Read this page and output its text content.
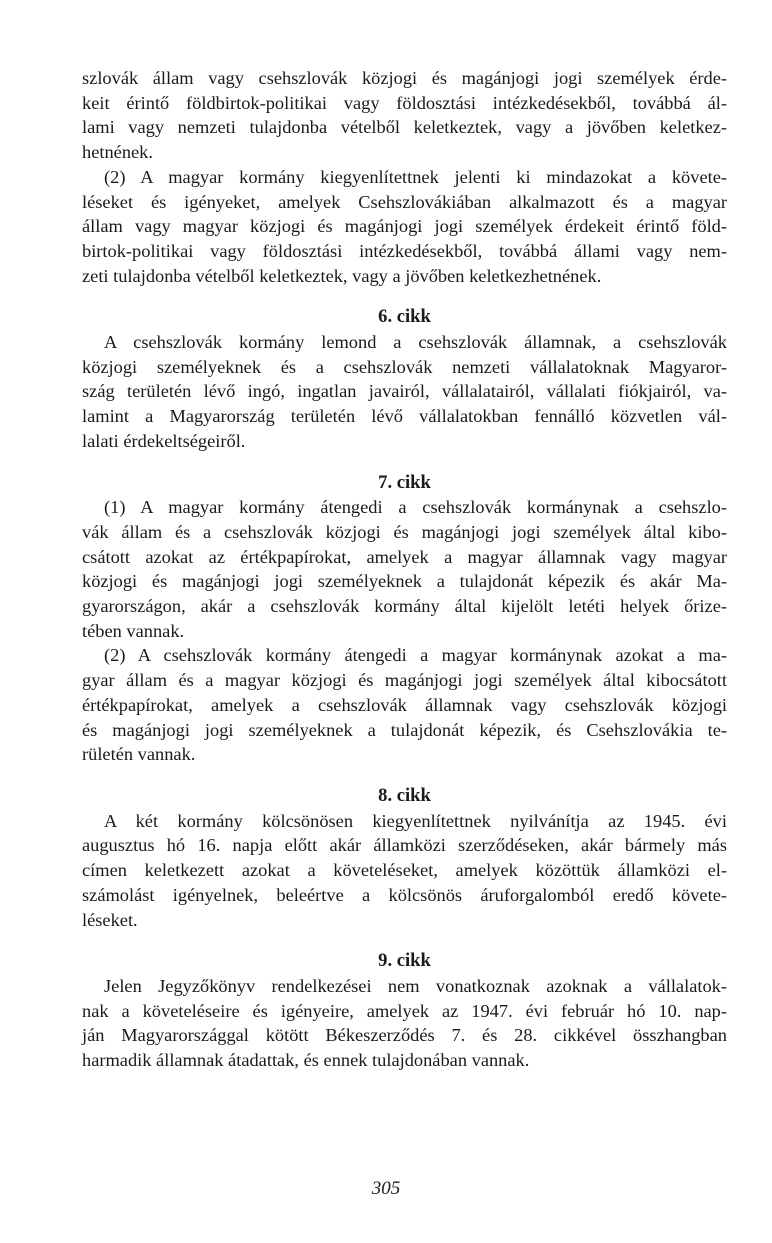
szlovák állam vagy csehszlovák közjogi és magánjogi jogi személyek érde-
keit érintő földbirtok-politikai vagy földosztási intézkedésekből, továbbá ál-
lami vagy nemzeti tulajdonba vételből keletkeztek, vagy a jövőben keletkez-
hetnének.
(2) A magyar kormány kiegyenlítettnek jelenti ki mindazokat a követe-
léseket és igényeket, amelyek Csehszlovákiában alkalmazott és a magyar
állam vagy magyar közjogi és magánjogi jogi személyek érdekeit érintő föld-
birtok-politikai vagy földosztási intézkedésekből, továbbá állami vagy nem-
zeti tulajdonba vételből keletkeztek, vagy a jövőben keletkezhetnének.
6. cikk
A csehszlovák kormány lemond a csehszlovák államnak, a csehszlovák
közjogi személyeknek és a csehszlovák nemzeti vállalatoknak Magyaror-
szág területén lévő ingó, ingatlan javairól, vállalatairól, vállalati fiókjairól, va-
lamint a Magyarország területén lévő vállalatokban fennálló közvetlen vál-
lalati érdekeltségeiről.
7. cikk
(1) A magyar kormány átengedi a csehszlovák kormánynak a csehszlo-
vák állam és a csehszlovák közjogi és magánjogi jogi személyek által kibo-
csátott azokat az értékpapírokat, amelyek a magyar államnak vagy magyar
közjogi és magánjogi jogi személyeknek a tulajdonát képezik és akár Ma-
gyarországon, akár a csehszlovák kormány által kijelölt letéti helyek őrize-
tében vannak.
(2) A csehszlovák kormány átengedi a magyar kormánynak azokat a ma-
gyar állam és a magyar közjogi és magánjogi jogi személyek által kibocsátott
értékpapírokat, amelyek a csehszlovák államnak vagy csehszlovák közjogi
és magánjogi jogi személyeknek a tulajdonát képezik, és Csehszlovákia te-
rületén vannak.
8. cikk
A két kormány kölcsönösen kiegyenlítettnek nyilvánítja az 1945. évi
augusztus hó 16. napja előtt akár államközi szerződéseken, akár bármely más
címen keletkezett azokat a követeléseket, amelyek közöttük államközi el-
számolást igényelnek, beleértve a kölcsönös áruforgalomból eredő követe-
léseket.
9. cikk
Jelen Jegyzőkönyv rendelkezései nem vonatkoznak azoknak a vállalatok-
nak a követeléseire és igényeire, amelyek az 1947. évi február hó 10. nap-
ján Magyarországgal kötött Békeszerződés 7. és 28. cikkével összhangban
harmadik államnak átadattak, és ennek tulajdonában vannak.
305
